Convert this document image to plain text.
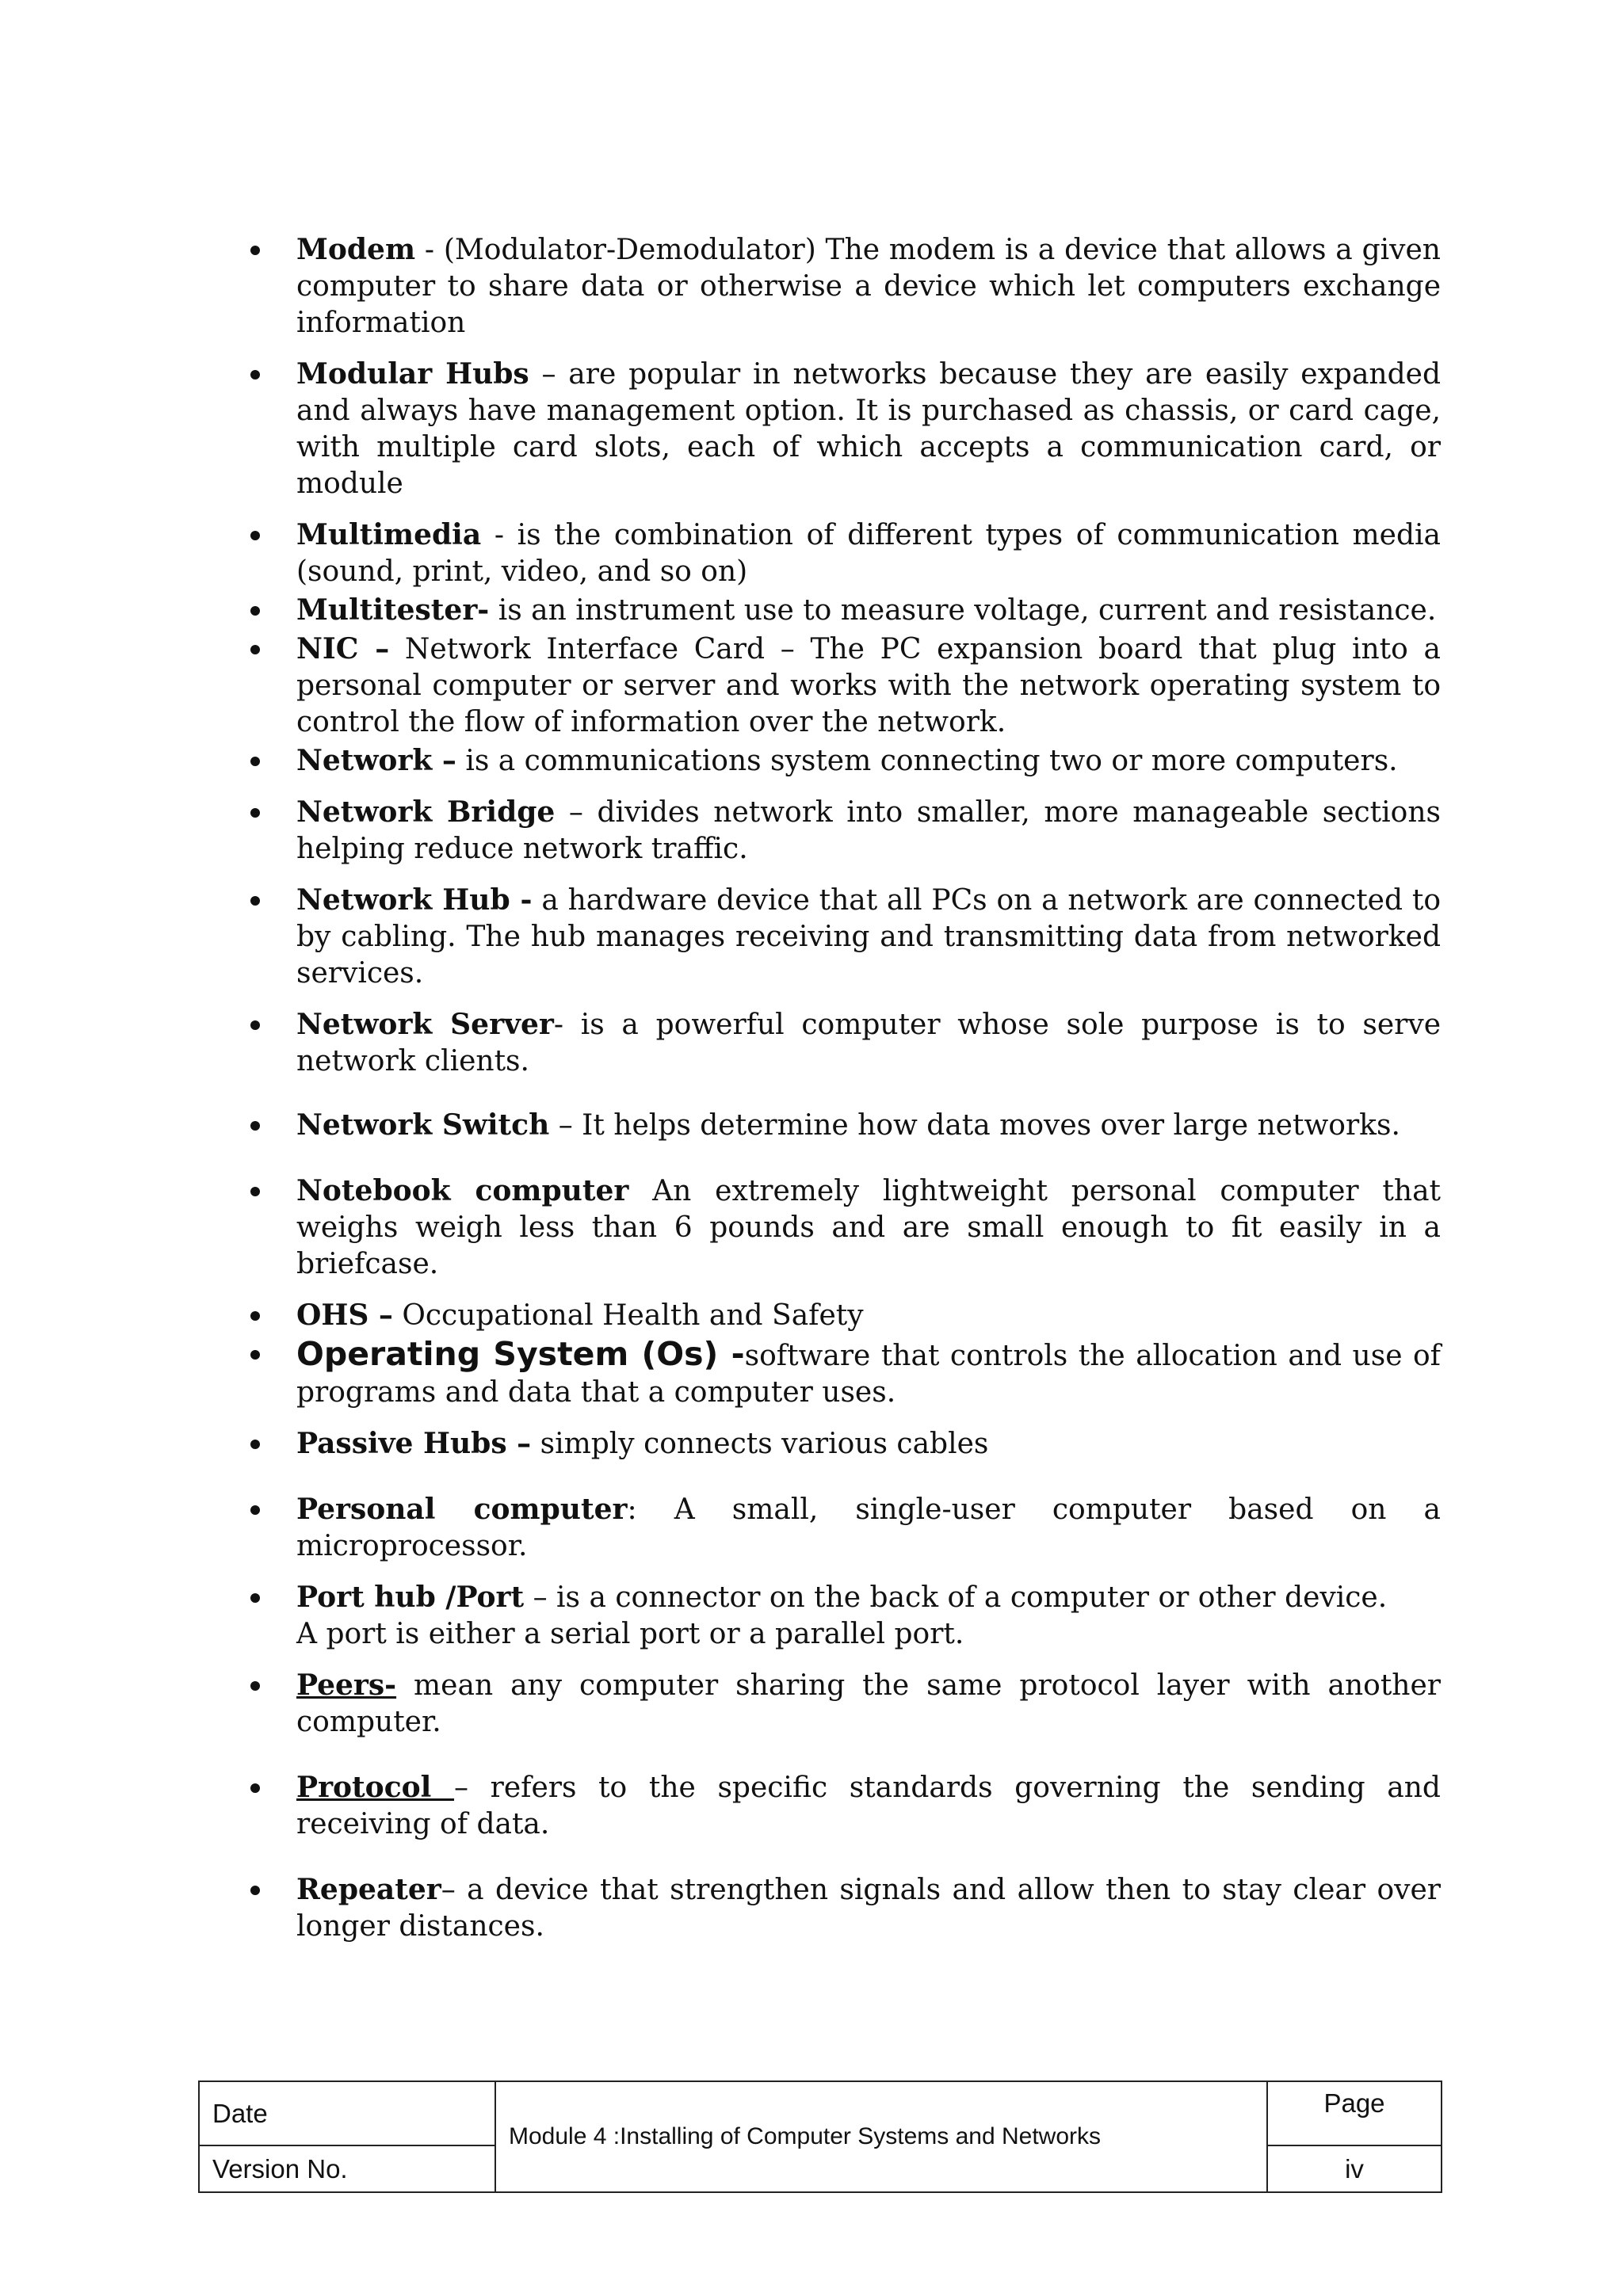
Modem - (Modulator-Demodulator) The modem is a device that allows a given computer to share data or otherwise a device which let computers exchange information
Modular Hubs – are popular in networks because they are easily expanded and always have management option. It is purchased as chassis, or card cage, with multiple card slots, each of which accepts a communication card, or module
Multimedia - is the combination of different types of communication media (sound, print, video, and so on)
Multitester- is an instrument use to measure voltage, current and resistance.
NIC – Network Interface Card – The PC expansion board that plug into a personal computer or server and works with the network operating system to control the flow of information over the network.
Network – is a communications system connecting two or more computers.
Network Bridge – divides network into smaller, more manageable sections helping reduce network traffic.
Network Hub - a hardware device that all PCs on a network are connected to by cabling. The hub manages receiving and transmitting data from networked services.
Network Server- is a powerful computer whose sole purpose is to serve network clients.
Network Switch – It helps determine how data moves over large networks.
Notebook computer An extremely lightweight personal computer that weighs weigh less than 6 pounds and are small enough to fit easily in a briefcase.
OHS – Occupational Health and Safety
Operating System (Os) -software that controls the allocation and use of programs and data that a computer uses.
Passive Hubs – simply connects various cables
Personal computer: A small, single-user computer based on a microprocessor.
Port hub /Port – is a connector on the back of a computer or other device.
A port is either a serial port or a parallel port.
Peers- mean any computer sharing the same protocol layer with another computer.
Protocol – refers to the specific standards governing the sending and receiving of data.
Repeater– a device that strengthen signals and allow then to stay clear over longer distances.
Date	Module 4 :Installing of Computer Systems and Networks	Page
Version No.		iv
